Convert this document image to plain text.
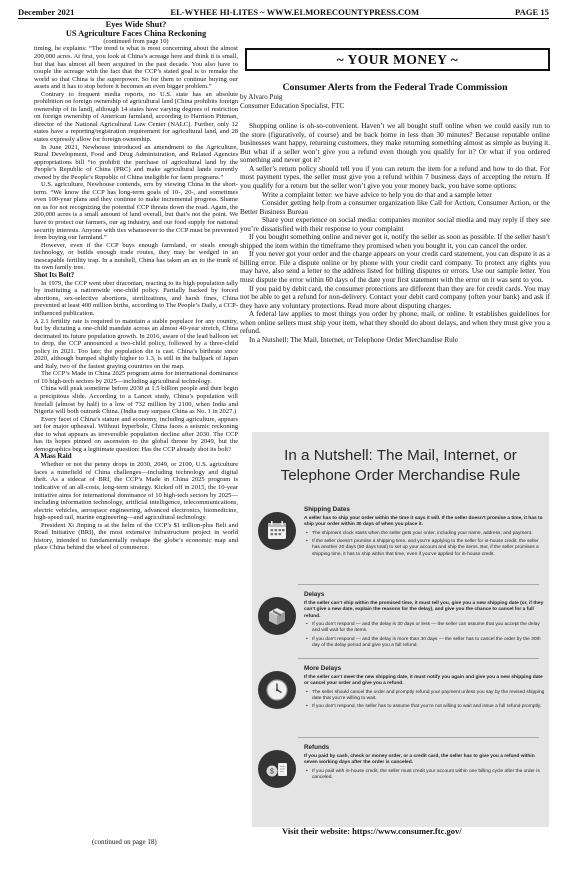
December 2021	EL-WYHEE HI-LITES ~ WWW.ELMORECOUNTYPRESS.COM	PAGE 15
Eyes Wide Shut?
US Agriculture Faces China Reckoning
(continued from page 10)

timing, he explains: “The trend is what is most concerning about the almost 200,000 acres. At first, you look at China’s acreage here and think it is small, but that has almost all been acquired in the past decade. You also have to couple the acreage with the fact that the CCP’s stated goal is to remake the world so that China is the superpower. So for them to continue buying our assets and it has to stop before it becomes an even bigger problem.”

Contrary to frequent media reports, no U.S. state has an absolute prohibition on foreign ownership of agricultural land (China prohibits foreign ownership of its land), although 14 states have varying degrees of restriction on foreign ownership of American farmland, according to Harrison Pittman, director of the National Agricultural Law Center (NALC). Further, only 12 states have a reporting/registration requirement for agricultural land, and 28 states expressly allow for foreign ownership.

In June 2021, Newhouse introduced an amendment to the Agriculture, Rural Development, Food and Drug Administration, and Related Agencies appropriations bill “to prohibit the purchase of agricultural land by the People’s Republic of China (PRC) and make agricultural lands currently owned by the People’s Republic of China ineligible for farm programs.”

U.S. agriculture, Newhouse contends, errs by viewing China in the short-term. “We know the CCP has long-term goals of 10-, 20-, and sometimes even 100-year plans and they continue to make incremental progress. Shame on us for not recognizing the potential CCP threats down the road. Again, the 200,000 acres is a small amount of land overall, but that’s not the point. We have to protect our farmers, our ag industry, and our food supply for national security interests. Anyone with ties whatsoever to the CCP must be prevented from buying our farmland.”

However, even if the CCP buys enough farmland, or steals enough technology, or builds enough trade routes, they may be wedged in an inescapable fertility trap. In a nutshell, China has taken an ax to the trunk of its own family tree.

Shot Its Bolt?

In 1979, the CCP went uber draconian, reacting to its high population tally by instituting a nationwide one-child policy. Partially backed by forced abortions, sex-selective abortions, sterilizations, and harsh fines, China prevented at least 400 million births, according to The People’s Daily, a CCP-influenced publication.

A 2.1 fertility rate is required to maintain a stable populace for any country, but by dictating a one-child mandate across an almost 40-year stretch, China decimated its future population growth. In 2016, aware of the lead balloon set to drop, the CCP announced a two-child policy, followed by a three-child policy in 2021. Too late; the population die is cast. China’s birthrate since 2020, although bumped slightly higher to 1.3, is still in the ballpark of Japan and Italy, two of the fastest graying countries on the map.

The CCP’s Made in China 2025 program aims for international dominance of 10 high-tech sectors by 2025—including agricultural technology.

China will peak sometime before 2030 at 1.5 billion people and then begin a precipitous slide. According to a Lancet study, China’s population will freefall (almost by half) to a low of 732 million by 2100, when India and Nigeria will both outrank China. (India may surpass China as No. 1 in 2027.)

Every facet of China’s stature and economy, including agriculture, appears set for major upheaval. Without hyperbole, China faces a seismic reckoning due to what appears as irreversible population decline after 2030. The CCP has its hopes pinned on ascension to the global throne by 2049, but the demographics beg a legitimate question: Has the CCP already shot its bolt?

A Mass Raid

Whether or not the penny drops in 2030, 2049, or 2100, U.S. agriculture faces a minefield of China challenges—including technology and digital theft. As a sidecar of BRI, the CCP’s Made in China 2025 program is indicative of an all-costs, long-term strategy. Kicked off in 2015, the 10-year initiative aims for international dominance of 10 high-tech sectors by 2025—including information technology, artificial intelligence, telecommunications, electric vehicles, aerospace engineering, advanced electronics, biomedicine, high-speed rail, marine engineering—and agricultural technology.

President Xi Jinping is at the helm of the CCP’s $1 trillion-plus Belt and Road Initiative (BRI), the most extensive infrastructure project in world history, intended to fundamentally reshape the globe’s economic map and place China behind the wheel of commerce.

(continued on page 18)
~ YOUR MONEY ~
Consumer Alerts from the Federal Trade Commission
by Alvaro Puig
Consumer Education Specialist, FTC

Shopping online is oh-so-convenient. Haven’t we all bought stuff online when we could easily run to the store (figuratively, of course) and be back home in less than 30 minutes? Because reputable online businesses want happy, returning customers, they make returning something almost as simple as buying it. But what if a seller won’t give you a refund even though you qualify for it? Or what if you ordered something and never got it?

A seller’s return policy should tell you if you can return the item for a refund and how to do that. For most payment types, the seller must give you a refund within 7 business days of accepting the return. If you qualify for a return but the seller won’t give you your money back, you have some options:

Write a complaint letter: we have advice to help you do that and a sample letter

Consider getting help from a consumer organization like Call for Action, Consumer Action, or the Better Business Bureau

Share your experience on social media: companies monitor social media and may reply if they see you’re dissatisfied with their response to your complaint

If you bought something online and never got it, notify the seller as soon as possible. If the seller hasn’t shipped the item within the timeframe they promised when you bought it, you can cancel the order.

If you never got your order and the charge appears on your credit card statement, you can dispute it as a billing error. File a dispute online or by phone with your credit card company. To protect any rights you may have, also send a letter to the address listed for billing disputes or errors. Use our sample letter. You must dispute the error within 60 days of the date your first statement with the error on it was sent to you.

If you paid by debit card, the consumer protections are different than they are for credit cards. You may not be able to get a refund for non-delivery. Contact your debit card company (often your bank) and ask if they have any voluntary protections. Read more about disputing charges.

A federal law applies to most things you order by phone, mail, or online. It establishes guidelines for when online sellers must ship your item, what they should do about delays, and when they must give you a refund.

In a Nutshell: The Mail, Internet, or Telephone Order Merchandise Rule

In a Nutshell: The Mail, Internet, or
Telephone Order Merchandise Rule
Shipping Dates
A seller has to ship your order within the time it says it will. If the seller doesn’t promise a time, it has to ship your order within 30 days of when you place it.
• The shipment clock starts when the seller gets your order, including your name, address, and payment.
• If the seller doesn’t promise a shipping time, and you’re applying to the seller for in-house credit, the seller has another 20 days (50 days total) to set up your account and ship the items. But, if the seller promises a shipping time, it has to ship within that time, even if you’ve applied for in-house credit.
Delays
If the seller can’t ship within the promised time, it must tell you, give you a new shipping date (or, if they can’t give a new date, explain the reasons for the delay), and give you the chance to cancel for a full refund.
• If you don’t respond — and the delay is 30 days or less — the seller can assume that you accept the delay and will wait for the items.
• If you don’t respond — and the delay is more than 30 days — the seller has to cancel the order by the 30th day of the delay period and give you a full refund.
More Delays
If the seller can’t meet the new shipping date, it must notify you again and give you a new shipping date or cancel your order and give you a refund.
• The seller should cancel the order and promptly refund your payment unless you say by the revised shipping date that you’re willing to wait.
• If you don’t respond, the seller has to assume that you’re not willing to wait and issue a full refund promptly.
$
Refunds
If you paid by cash, check or money order, or a credit card, the seller has to give you a refund within seven working days after the order is canceled.
• If you paid with in-house credit, the seller must credit your account within one billing cycle after the order is canceled.
Visit their website: https://www.consumer.ftc.gov/
